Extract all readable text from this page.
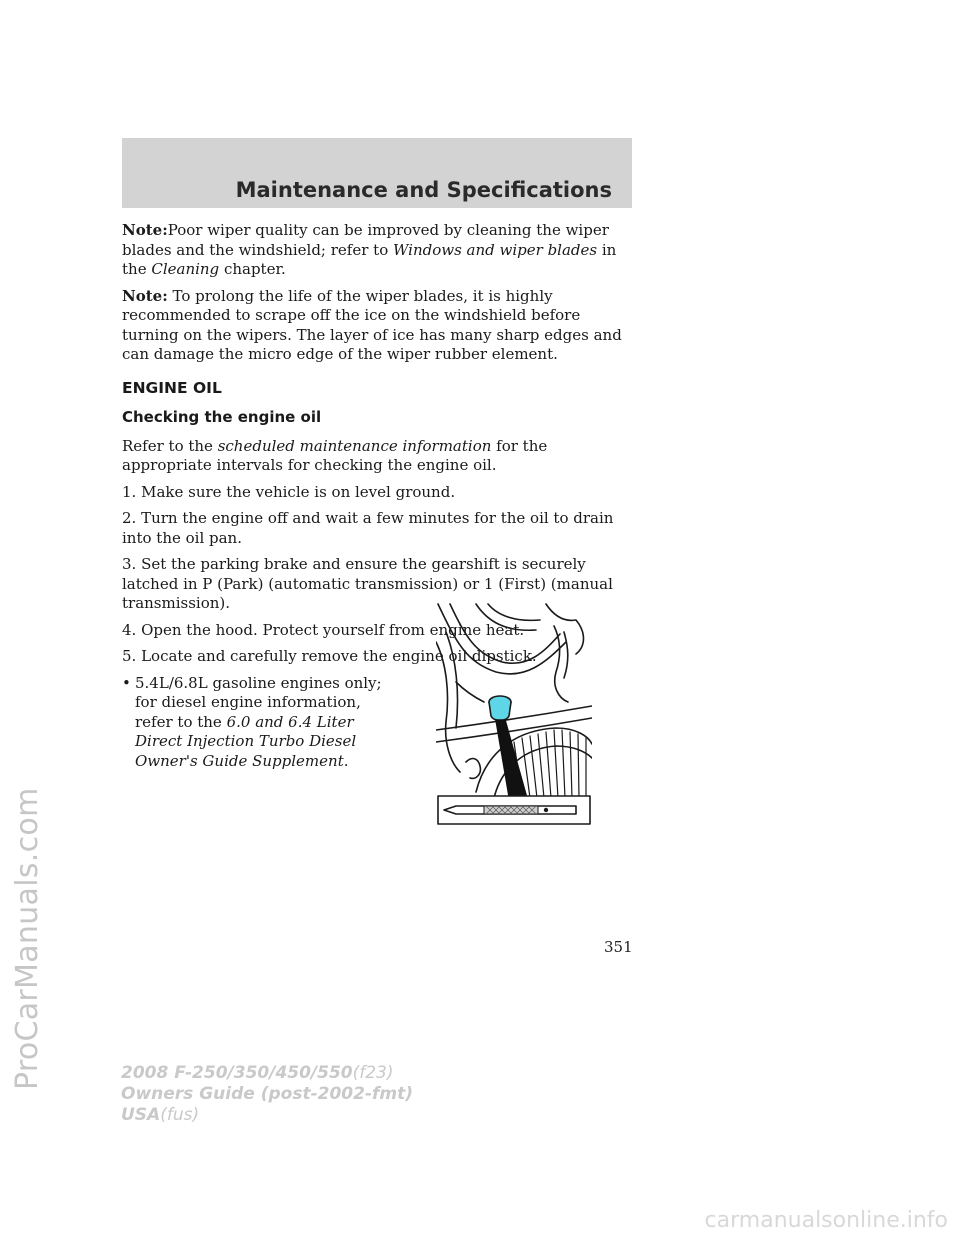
Maintenance and Specifications

Note:Poor wiper quality can be improved by cleaning the wiper blades and the windshield; refer to Windows and wiper blades in the Cleaning chapter.

Note: To prolong the life of the wiper blades, it is highly recommended to scrape off the ice on the windshield before turning on the wipers. The layer of ice has many sharp edges and can damage the micro edge of the wiper rubber element.

ENGINE OIL
Checking the engine oil

Refer to the scheduled maintenance information for the appropriate intervals for checking the engine oil.

1. Make sure the vehicle is on level ground.

2. Turn the engine off and wait a few minutes for the oil to drain into the oil pan.

3. Set the parking brake and ensure the gearshift is securely latched in P (Park) (automatic transmission) or 1 (First) (manual transmission).

4. Open the hood. Protect yourself from engine heat.

5. Locate and carefully remove the engine oil dipstick.

• 5.4L/6.8L gasoline engines only; for diesel engine information, refer to the 6.0 and 6.4 Liter Direct Injection Turbo Diesel Owner's Guide Supplement.
351
2008 F-250/350/450/550(f23)
Owners Guide (post-2002-fmt)
USA(fus)
ProCarManuals.com
carmanualsonline.info
